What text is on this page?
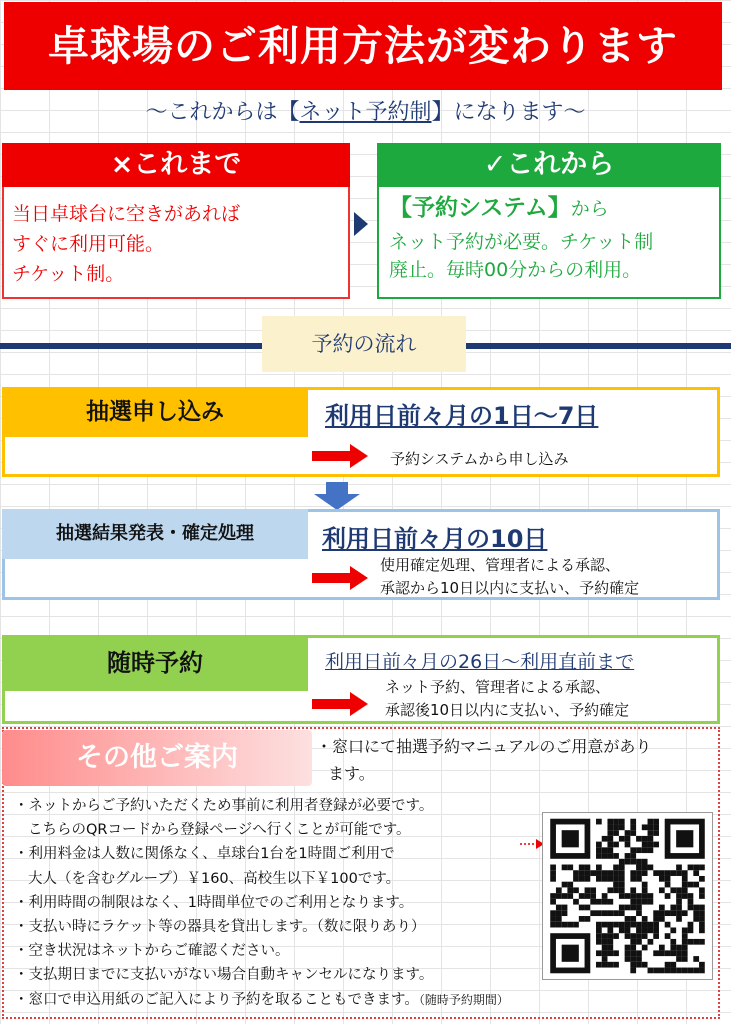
卓球場のご利用方法が変わります
～これからは【ネット予約制】になります～
×これまで
当日卓球台に空きがあれば
すぐに利用可能。
チケット制。
✓これから
【予約システム】から
ネット予約が必要。チケット制
廃止。毎時00分からの利用。
予約の流れ
抽選申し込み	利用日前々月の1日～7日
予約システムから申し込み
抽選結果発表・確定処理	利用日前々月の10日
使用確定処理、管理者による承認、
承認から10日以内に支払い、予約確定
随時予約	利用日前々月の26日～利用直前まで
ネット予約、管理者による承認、
承認後10日以内に支払い、予約確定
その他ご案内	・窓口にて抽選予約マニュアルのご用意があり
ます。
・ネットからご予約いただくため事前に利用者登録が必要です。
こちらのQRコードから登録ページへ行くことが可能です。
・利用料金は人数に関係なく、卓球台1台を1時間ご利用で
大人（を含むグループ）￥160、高校生以下￥100です。
・利用時間の制限はなく、1時間単位でのご利用となります。
・支払い時にラケット等の器具を貸出します。（数に限りあり）
・空き状況はネットからご確認ください。
・支払期日までに支払いがない場合自動キャンセルになります。
・窓口で申込用紙のご記入により予約を取ることもできます。（随時予約期間）
